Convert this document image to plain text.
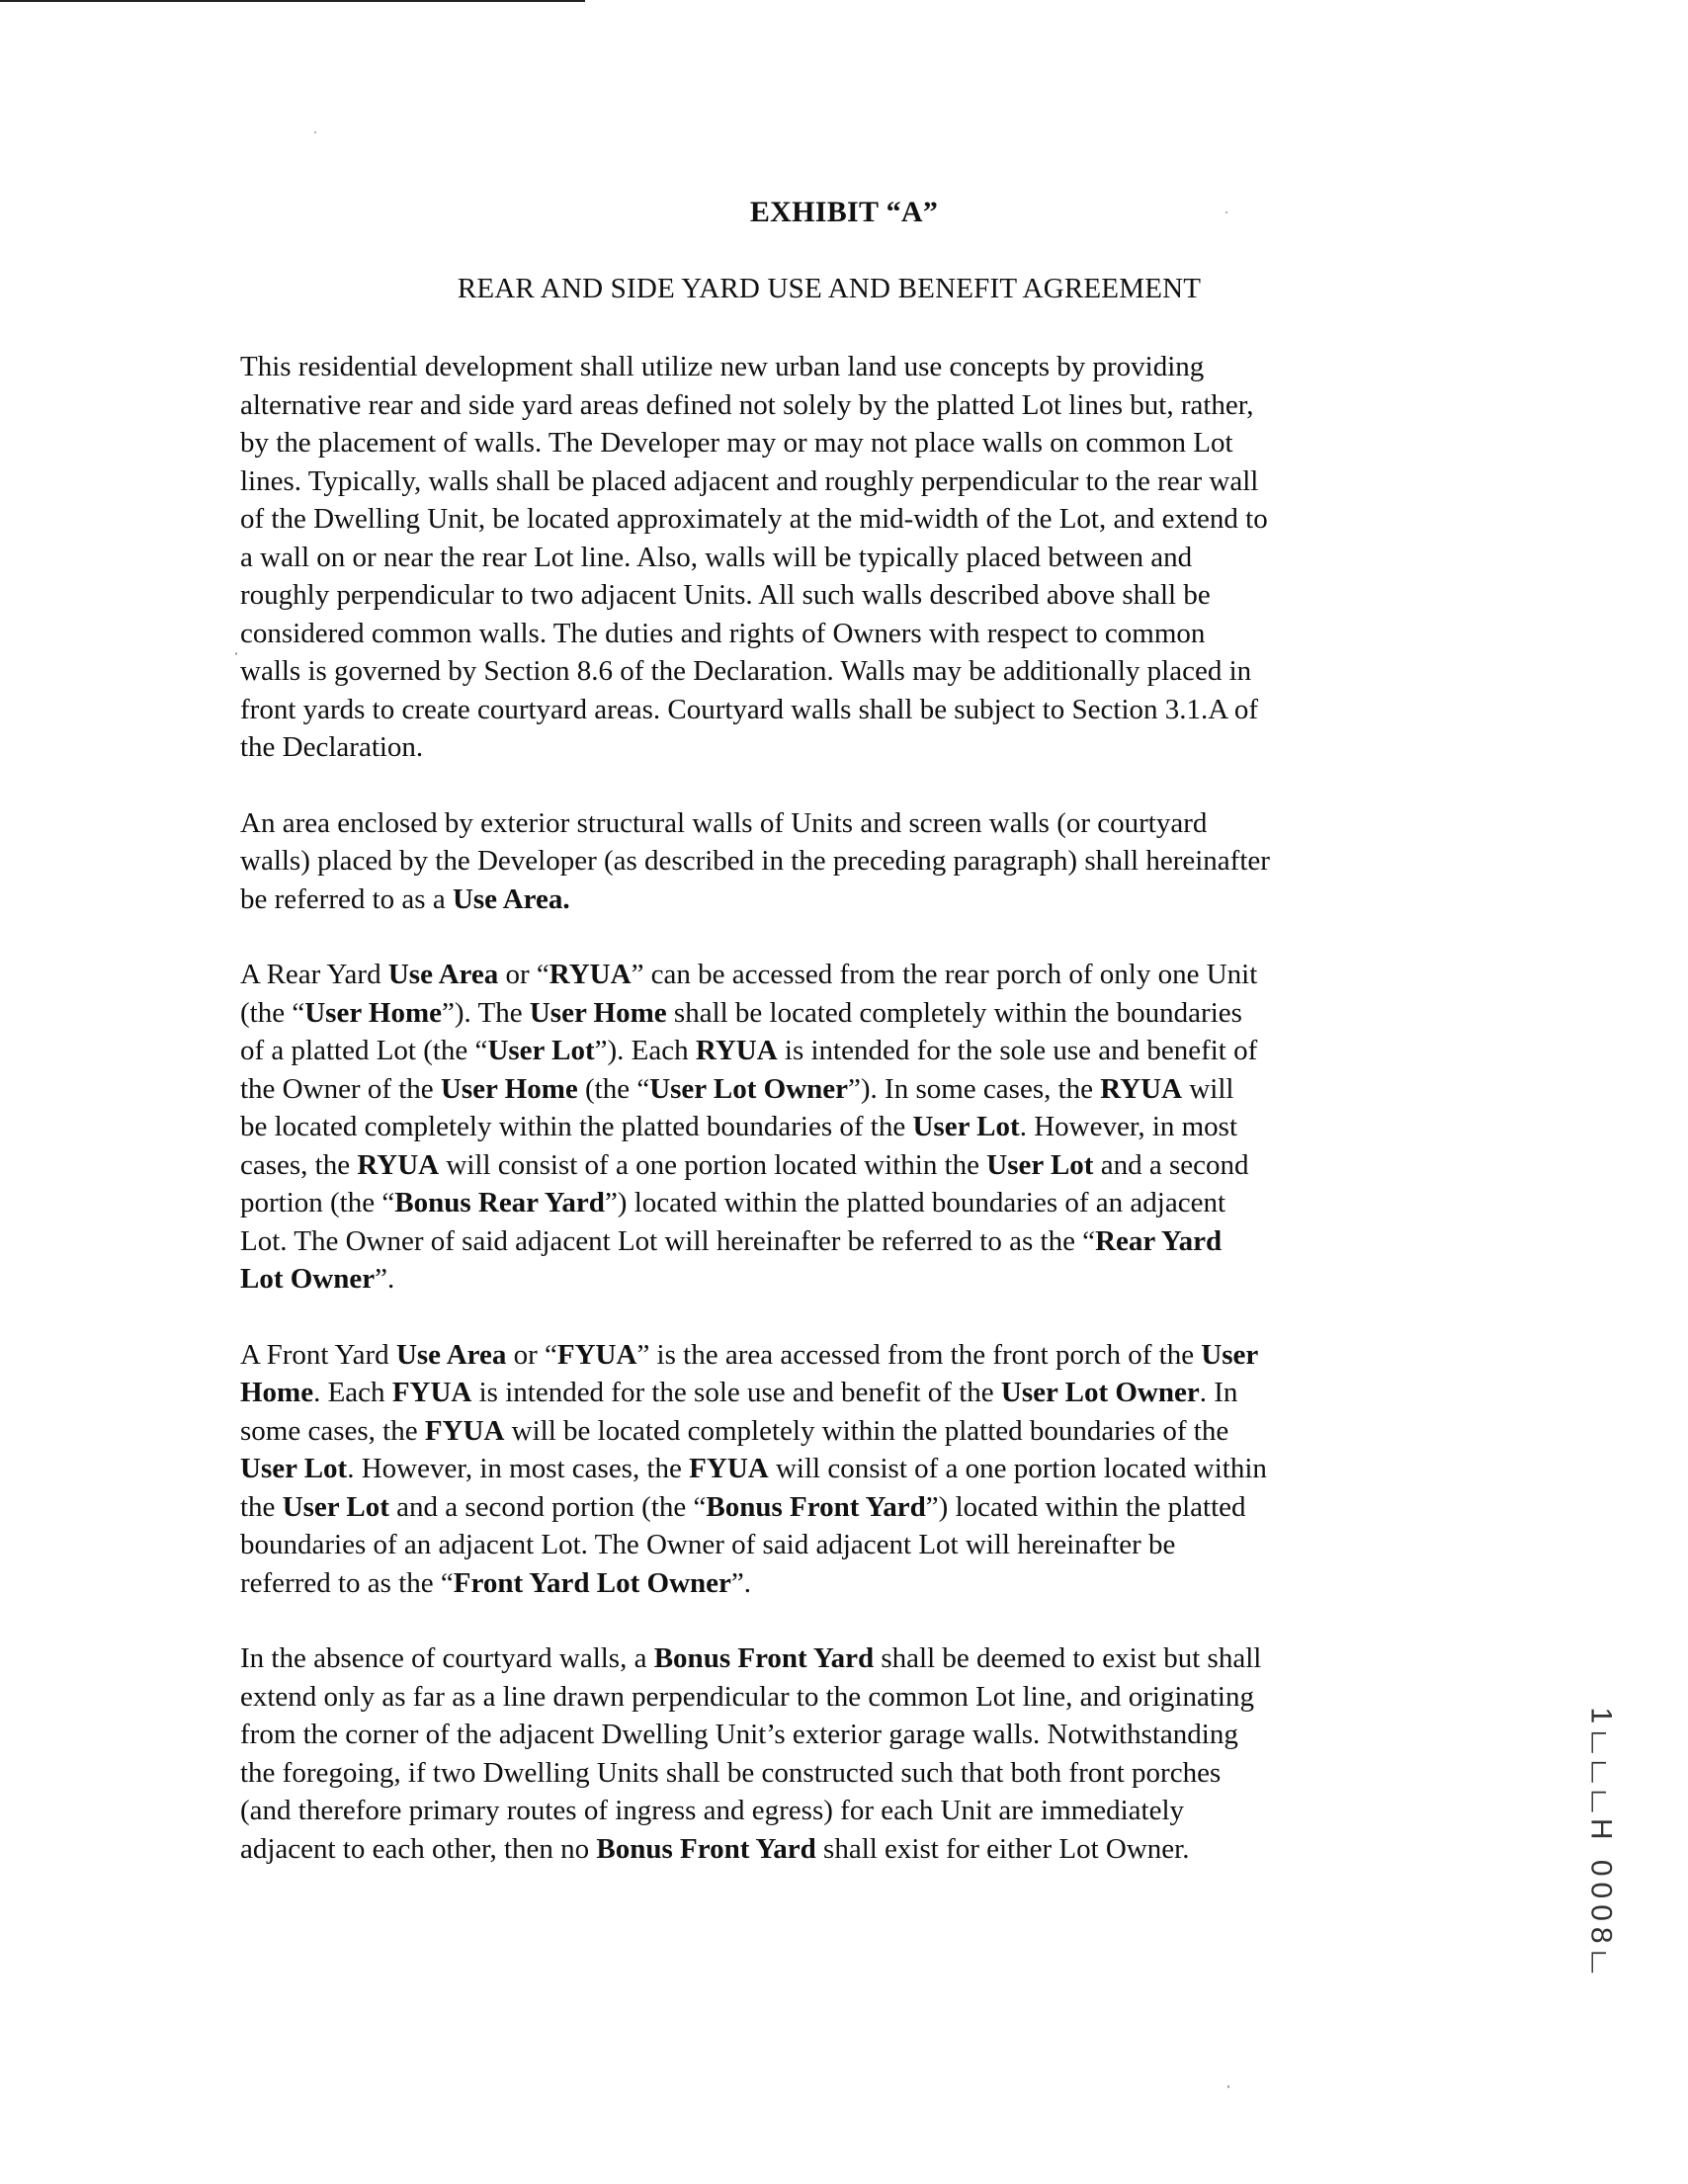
EXHIBIT “A”
REAR AND SIDE YARD USE AND BENEFIT AGREEMENT

This residential development shall utilize new urban land use concepts by providing
alternative rear and side yard areas defined not solely by the platted Lot lines but, rather,
by the placement of walls. The Developer may or may not place walls on common Lot
lines. Typically, walls shall be placed adjacent and roughly perpendicular to the rear wall
of the Dwelling Unit, be located approximately at the mid-width of the Lot, and extend to
a wall on or near the rear Lot line. Also, walls will be typically placed between and
roughly perpendicular to two adjacent Units. All such walls described above shall be
considered common walls. The duties and rights of Owners with respect to common
walls is governed by Section 8.6 of the Declaration. Walls may be additionally placed in
front yards to create courtyard areas. Courtyard walls shall be subject to Section 3.1.A of
the Declaration.

An area enclosed by exterior structural walls of Units and screen walls (or courtyard
walls) placed by the Developer (as described in the preceding paragraph) shall hereinafter
be referred to as a Use Area.

A Rear Yard Use Area or “RYUA” can be accessed from the rear porch of only one Unit
(the “User Home”). The User Home shall be located completely within the boundaries
of a platted Lot (the “User Lot”). Each RYUA is intended for the sole use and benefit of
the Owner of the User Home (the “User Lot Owner”). In some cases, the RYUA will
be located completely within the platted boundaries of the User Lot. However, in most
cases, the RYUA will consist of a one portion located within the User Lot and a second
portion (the “Bonus Rear Yard”) located within the platted boundaries of an adjacent
Lot. The Owner of said adjacent Lot will hereinafter be referred to as the “Rear Yard
Lot Owner”.

A Front Yard Use Area or “FYUA” is the area accessed from the front porch of the User
Home. Each FYUA is intended for the sole use and benefit of the User Lot Owner. In
some cases, the FYUA will be located completely within the platted boundaries of the
User Lot. However, in most cases, the FYUA will consist of a one portion located within
the User Lot and a second portion (the “Bonus Front Yard”) located within the platted
boundaries of an adjacent Lot. The Owner of said adjacent Lot will hereinafter be
referred to as the “Front Yard Lot Owner”.

In the absence of courtyard walls, a Bonus Front Yard shall be deemed to exist but shall
extend only as far as a line drawn perpendicular to the common Lot line, and originating
from the corner of the adjacent Dwelling Unit’s exterior garage walls. Notwithstanding
the foregoing, if two Dwelling Units shall be constructed such that both front porches
(and therefore primary routes of ingress and egress) for each Unit are immediately
adjacent to each other, then no Bonus Front Yard shall exist for either Lot Owner.	1டடடH 0008ட
